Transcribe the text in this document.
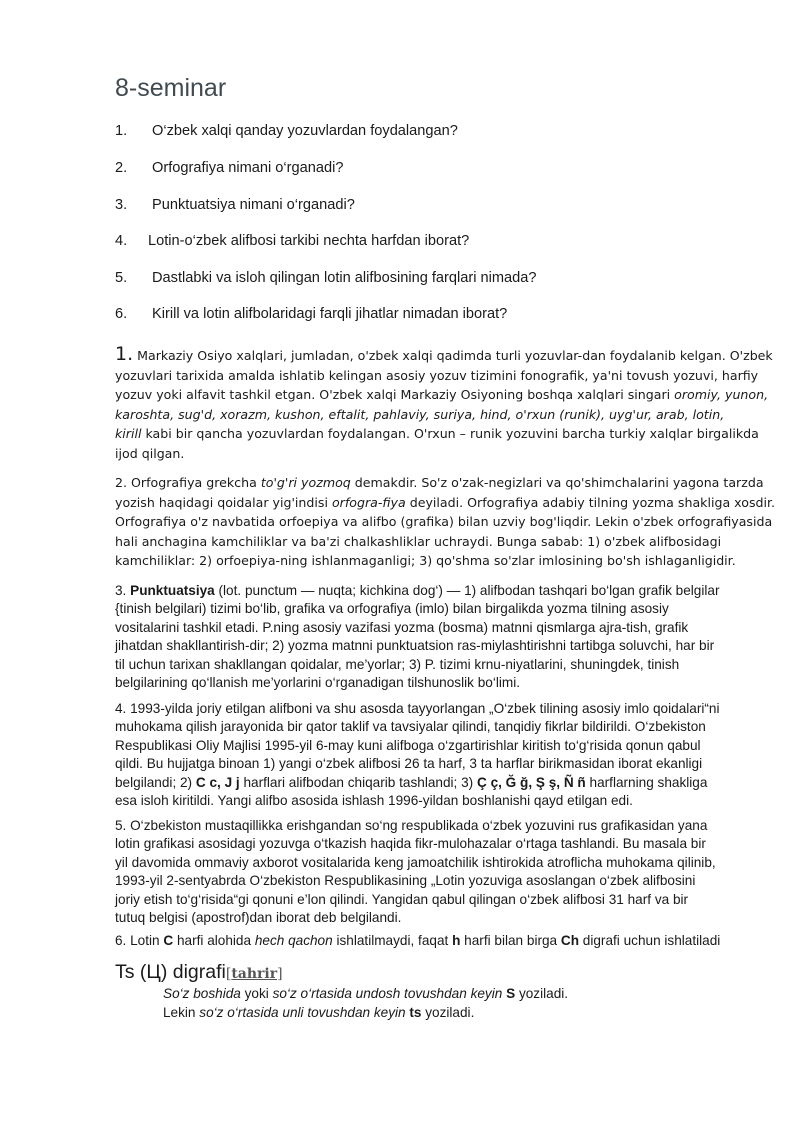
8-seminar
1. O‘zbek xalqi qanday yozuvlardan foydalangan?
2. Orfografiya nimani o‘rganadi?
3. Punktuatsiya nimani o‘rganadi?
4. Lotin-o‘zbek alifbosi tarkibi nechta harfdan iborat?
5. Dastlabki va isloh qilingan lotin alifbosining farqlari nimada?
6. Kirill va lotin alifbolaridagi farqli jihatlar nimadan iborat?
1. Markaziy Osiyo xalqlari, jumladan, o'zbek xalqi qadimda turli yozuvlar-dan foydalanib kelgan. O'zbek
yozuvlari tarixida amalda ishlatib kelingan asosiy yozuv tizimini fonografik, ya'ni tovush yozuvi, harfiy
yozuv yoki alfavit tashkil etgan. O'zbek xalqi Markaziy Osiyoning boshqa xalqlari singari oromiy, yunon,
karoshta, sug'd, xorazm, kushon, eftalit, pahlaviy, suriya, hind, o'rxun (runik), uyg'ur, arab, lotin,
kirill kabi bir qancha yozuvlardan foydalangan. O'rxun – runik yozuvini barcha turkiy xalqlar birgalikda
ijod qilgan.
2. Orfografiya grekcha to'g'ri yozmoq demakdir. So'z o'zak-negizlari va qo'shimchalarini yagona tarzda
yozish haqidagi qoidalar yig'indisi orfogra-fiya deyiladi. Orfografiya adabiy tilning yozma shakliga xosdir.
Orfografiya o'z navbatida orfoepiya va alifbo (grafika) bilan uzviy bog'liqdir. Lekin o'zbek orfografiyasida
hali anchagina kamchiliklar va ba'zi chalkashliklar uchraydi. Bunga sabab: 1) o'zbek alifbosidagi
kamchiliklar: 2) orfoepiya-ning ishlanmaganligi; 3) qo'shma so'zlar imlosining bo'sh ishlaganligidir.
3. Punktuatsiya (lot. punctum — nuqta; kichkina dog‘) — 1) alifbodan tashqari bo‘lgan grafik belgilar
{tinish belgilari) tizimi bo‘lib, grafika va orfografiya (imlo) bilan birgalikda yozma tilning asosiy
vositalarini tashkil etadi. P.ning asosiy vazifasi yozma (bosma) matnni qismlarga ajra-tish, grafik
jihatdan shakllantirish-dir; 2) yozma matnni punktuatsion ras-miylashtirishni tartibga soluvchi, har bir
til uchun tarixan shakllangan qoidalar, me’yorlar; 3) P. tizimi krnu-niyatlarini, shuningdek, tinish
belgilarining qo‘llanish me’yorlarini o‘rganadigan tilshunoslik bo‘limi.
4. 1993-yilda joriy etilgan alifboni va shu asosda tayyorlangan „O‘zbek tilining asosiy imlo qoidalari“ni
muhokama qilish jarayonida bir qator taklif va tavsiyalar qilindi, tanqidiy fikrlar bildirildi. O‘zbekiston
Respublikasi Oliy Majlisi 1995-yil 6-may kuni alifboga o‘zgartirishlar kiritish to‘g‘risida qonun qabul
qildi. Bu hujjatga binoan 1) yangi o‘zbek alifbosi 26 ta harf, 3 ta harflar birikmasidan iborat ekanligi
belgilandi; 2) C c, Ј ј harflari alifbodan chiqarib tashlandi; 3) Ç ç, Ğ ğ, Ş ş, Ñ ñ harflarning shakliga
esa isloh kiritildi. Yangi alifbo asosida ishlash 1996-yildan boshlanishi qayd etilgan edi.
5. O‘zbekiston mustaqillikka erishgandan so‘ng respublikada o‘zbek yozuvini rus grafikasidan yana
lotin grafikasi asosidagi yozuvga o‘tkazish haqida fikr-mulohazalar o‘rtaga tashlandi. Bu masala bir
yil davomida ommaviy axborot vositalarida keng jamoatchilik ishtirokida atroflicha muhokama qilinib,
1993-yil 2-sentyabrda O‘zbekiston Respublikasining „Lotin yozuviga asoslangan o‘zbek alifbosini
joriy etish to‘g‘risida“gi qonuni e’lon qilindi. Yangidan qabul qilingan o‘zbek alifbosi 31 harf va bir
tutuq belgisi (apostrof)dan iborat deb belgilandi.
6. Lotin C harfi alohida hech qachon ishlatilmaydi, faqat h harfi bilan birga Ch digrafi uchun ishlatiladi
Ts (Ц) digrafi[tahrir]
So‘z boshida yoki so‘z o‘rtasida undosh tovushdan keyin S yoziladi.
Lekin so‘z o‘rtasida unli tovushdan keyin ts yoziladi.
